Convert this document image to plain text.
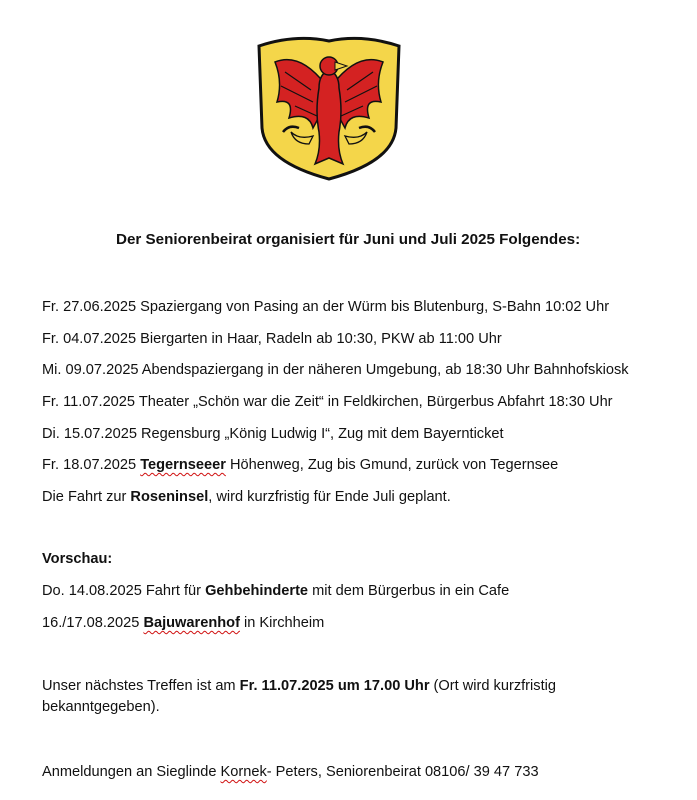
Der Seniorenbeirat organisiert für Juni und Juli 2025 Folgendes:
Fr. 27.06.2025 Spaziergang von Pasing an der Würm bis Blutenburg, S-Bahn 10:02 Uhr
Fr. 04.07.2025 Biergarten in Haar, Radeln ab 10:30, PKW ab 11:00 Uhr
Mi. 09.07.2025 Abendspaziergang in der näheren Umgebung, ab 18:30 Uhr Bahnhofskiosk
Fr. 11.07.2025 Theater „Schön war die Zeit“ in Feldkirchen, Bürgerbus Abfahrt 18:30 Uhr
Di. 15.07.2025 Regensburg „König Ludwig I“, Zug mit dem Bayernticket
Fr. 18.07.2025 Tegernseeer Höhenweg, Zug bis Gmund, zurück von Tegernsee
Die Fahrt zur Roseninsel, wird kurzfristig für Ende Juli geplant.
Vorschau:
Do. 14.08.2025 Fahrt für Gehbehinderte mit dem Bürgerbus in ein Cafe
16./17.08.2025 Bajuwarenhof in Kirchheim
Unser nächstes Treffen ist am Fr. 11.07.2025 um 17.00 Uhr (Ort wird kurzfristig bekanntgegeben).
Anmeldungen an Sieglinde Kornek- Peters, Seniorenbeirat 08106/ 39 47 733
